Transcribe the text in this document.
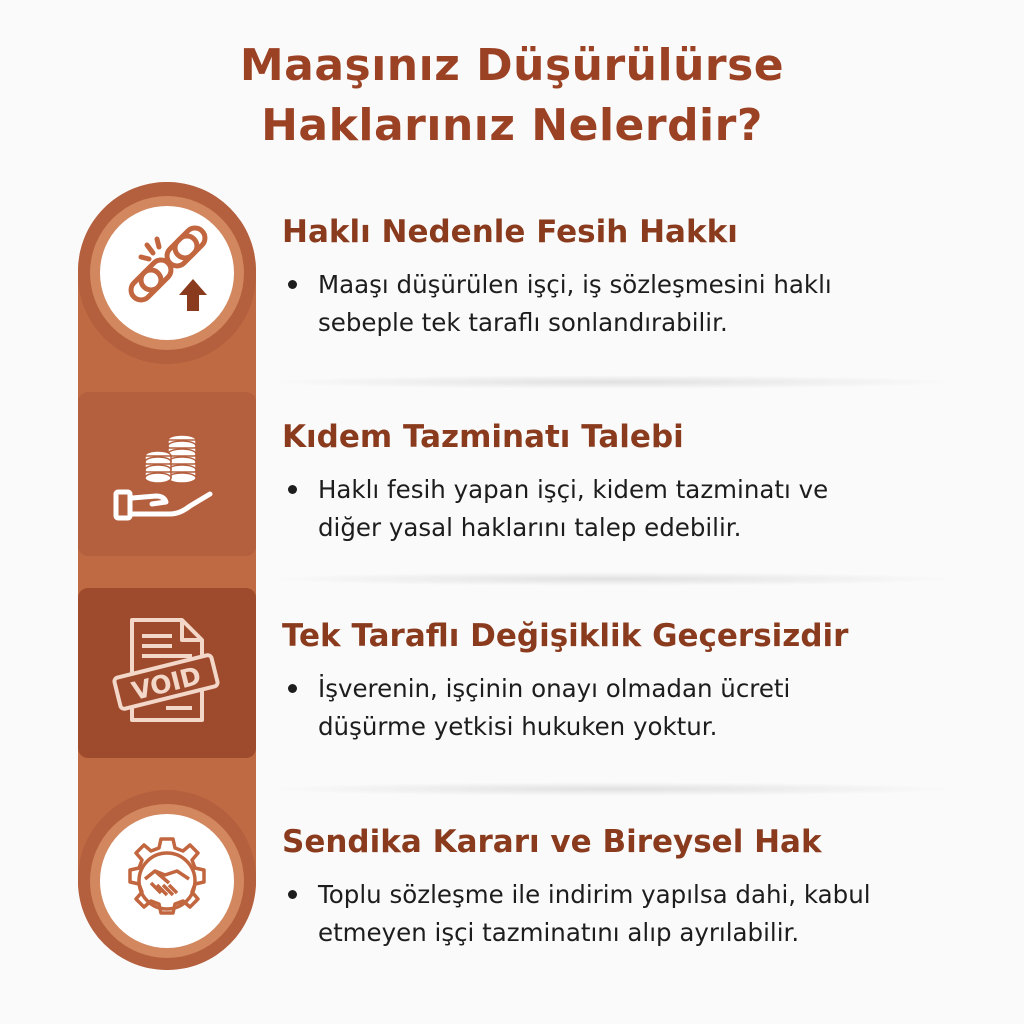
Maaşınız Düşürülürse
Haklarınız Nelerdir?
VOID
Haklı Nedenle Fesih Hakkı
Maaşı düşürülen işçi, iş sözleşmesini haklı
sebeple tek taraflı sonlandırabilir.
Kıdem Tazminatı Talebi
Haklı fesih yapan işçi, kidem tazminatı ve
diğer yasal haklarını talep edebilir.
Tek Taraflı Değişiklik Geçersizdir
İşverenin, işçinin onayı olmadan ücreti
düşürme yetkisi hukuken yoktur.
Sendika Kararı ve Bireysel Hak
Toplu sözleşme ile indirim yapılsa dahi, kabul
etmeyen işçi tazminatını alıp ayrılabilir.
